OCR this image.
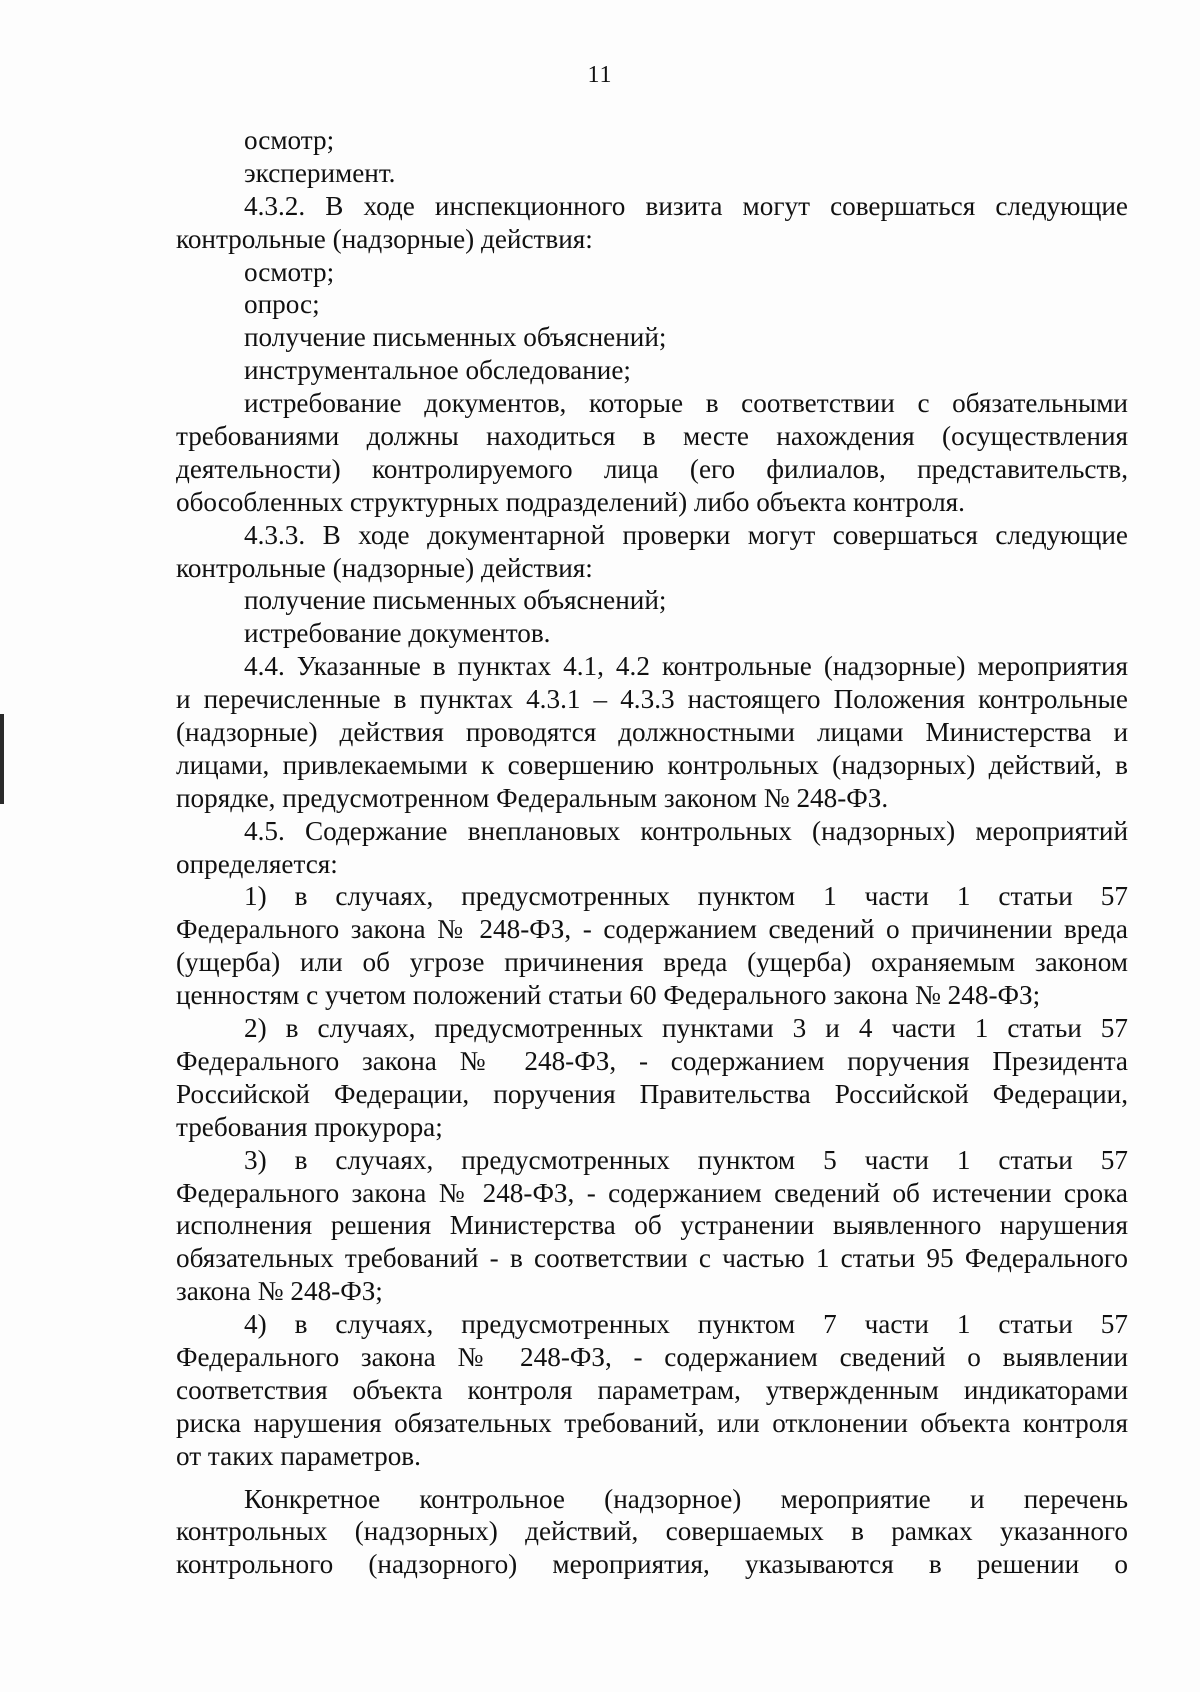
11
осмотр;
эксперимент.
4.3.2. В ходе инспекционного визита могут совершаться следующие
контрольные (надзорные) действия:
осмотр;
опрос;
получение письменных объяснений;
инструментальное обследование;
истребование документов, которые в соответствии с обязательными
требованиями должны находиться в месте нахождения (осуществления
деятельности) контролируемого лица (его филиалов, представительств,
обособленных структурных подразделений) либо объекта контроля.
4.3.3. В ходе документарной проверки могут совершаться следующие
контрольные (надзорные) действия:
получение письменных объяснений;
истребование документов.
4.4. Указанные в пунктах 4.1, 4.2 контрольные (надзорные) мероприятия
и перечисленные в пунктах 4.3.1 – 4.3.3 настоящего Положения контрольные
(надзорные) действия проводятся должностными лицами Министерства и
лицами, привлекаемыми к совершению контрольных (надзорных) действий, в
порядке, предусмотренном Федеральным законом № 248-ФЗ.
4.5. Содержание внеплановых контрольных (надзорных) мероприятий
определяется:
1) в случаях, предусмотренных пунктом 1 части 1 статьи 57
Федерального закона № 248-ФЗ, - содержанием сведений о причинении вреда
(ущерба) или об угрозе причинения вреда (ущерба) охраняемым законом
ценностям с учетом положений статьи 60 Федерального закона № 248-ФЗ;
2) в случаях, предусмотренных пунктами 3 и 4 части 1 статьи 57
Федерального закона № 248-ФЗ, - содержанием поручения Президента
Российской Федерации, поручения Правительства Российской Федерации,
требования прокурора;
3) в случаях, предусмотренных пунктом 5 части 1 статьи 57
Федерального закона № 248-ФЗ, - содержанием сведений об истечении срока
исполнения решения Министерства об устранении выявленного нарушения
обязательных требований - в соответствии с частью 1 статьи 95 Федерального
закона № 248-ФЗ;
4) в случаях, предусмотренных пунктом 7 части 1 статьи 57
Федерального закона № 248-ФЗ, - содержанием сведений о выявлении
соответствия объекта контроля параметрам, утвержденным индикаторами
риска нарушения обязательных требований, или отклонении объекта контроля
от таких параметров.
Конкретное контрольное (надзорное) мероприятие и перечень
контрольных (надзорных) действий, совершаемых в рамках указанного
контрольного (надзорного) мероприятия, указываются в решении о
